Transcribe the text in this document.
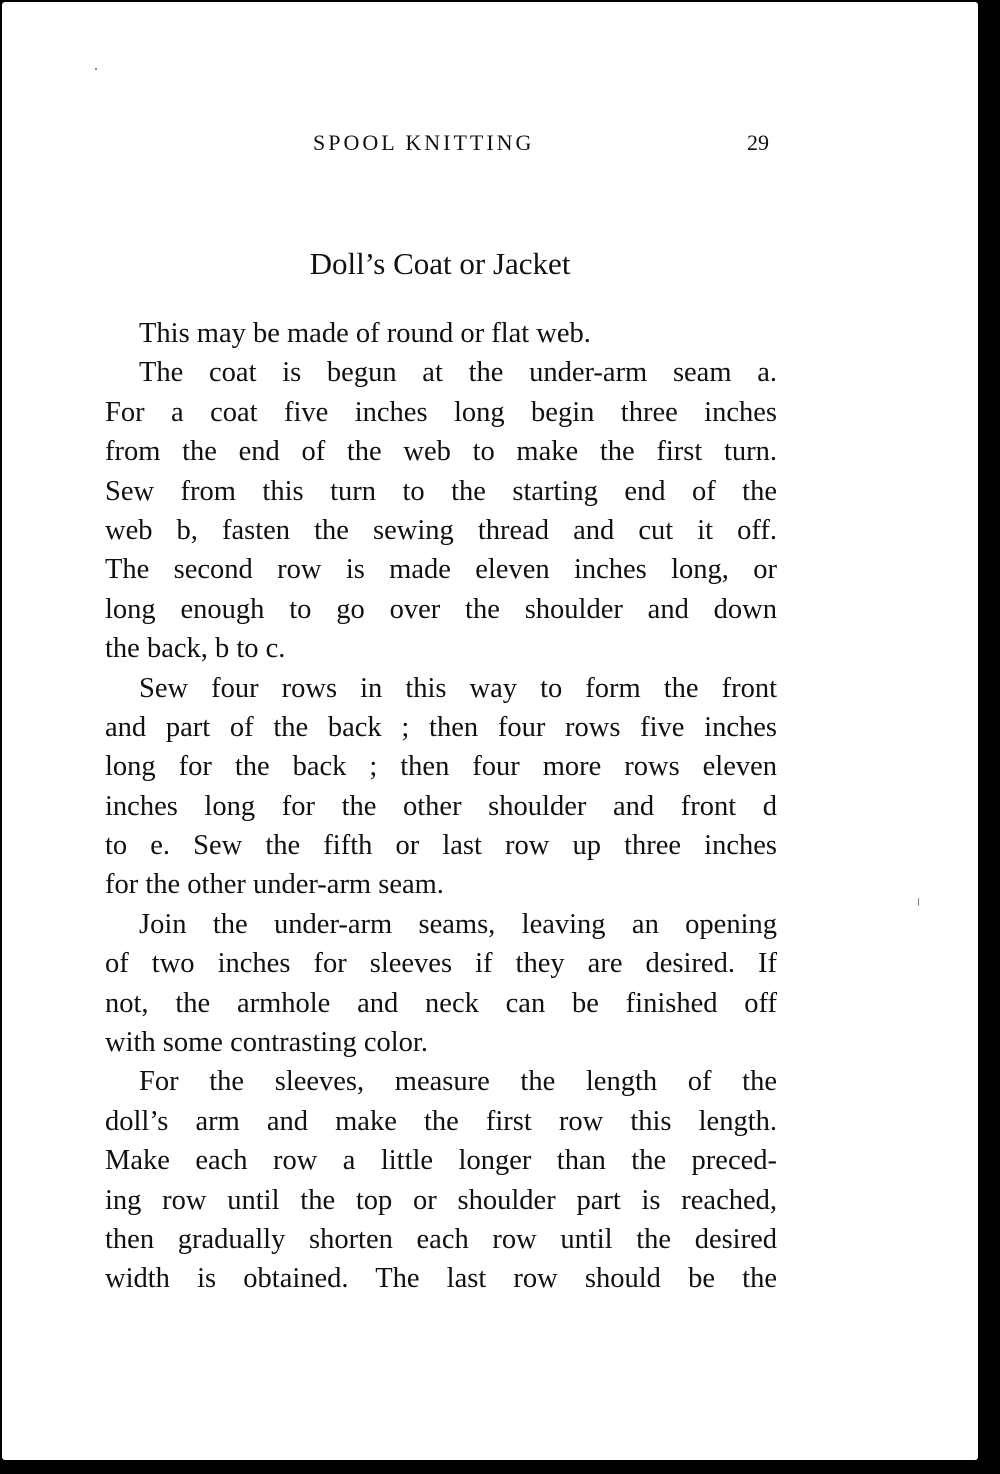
SPOOL KNITTING	29
Doll’s Coat or Jacket
This may be made of round or flat web.
The coat is begun at the under-arm seam a.
For a coat five inches long begin three inches
from the end of the web to make the first turn.
Sew from this turn to the starting end of the
web b, fasten the sewing thread and cut it off.
The second row is made eleven inches long, or
long enough to go over the shoulder and down
the back, b to c.
Sew four rows in this way to form the front
and part of the back ; then four rows five inches
long for the back ; then four more rows eleven
inches long for the other shoulder and front d
to e. Sew the fifth or last row up three inches
for the other under-arm seam.
Join the under-arm seams, leaving an opening
of two inches for sleeves if they are desired. If
not, the armhole and neck can be finished off
with some contrasting color.
For the sleeves, measure the length of the
doll’s arm and make the first row this length.
Make each row a little longer than the preced-
ing row until the top or shoulder part is reached,
then gradually shorten each row until the desired
width is obtained. The last row should be the
